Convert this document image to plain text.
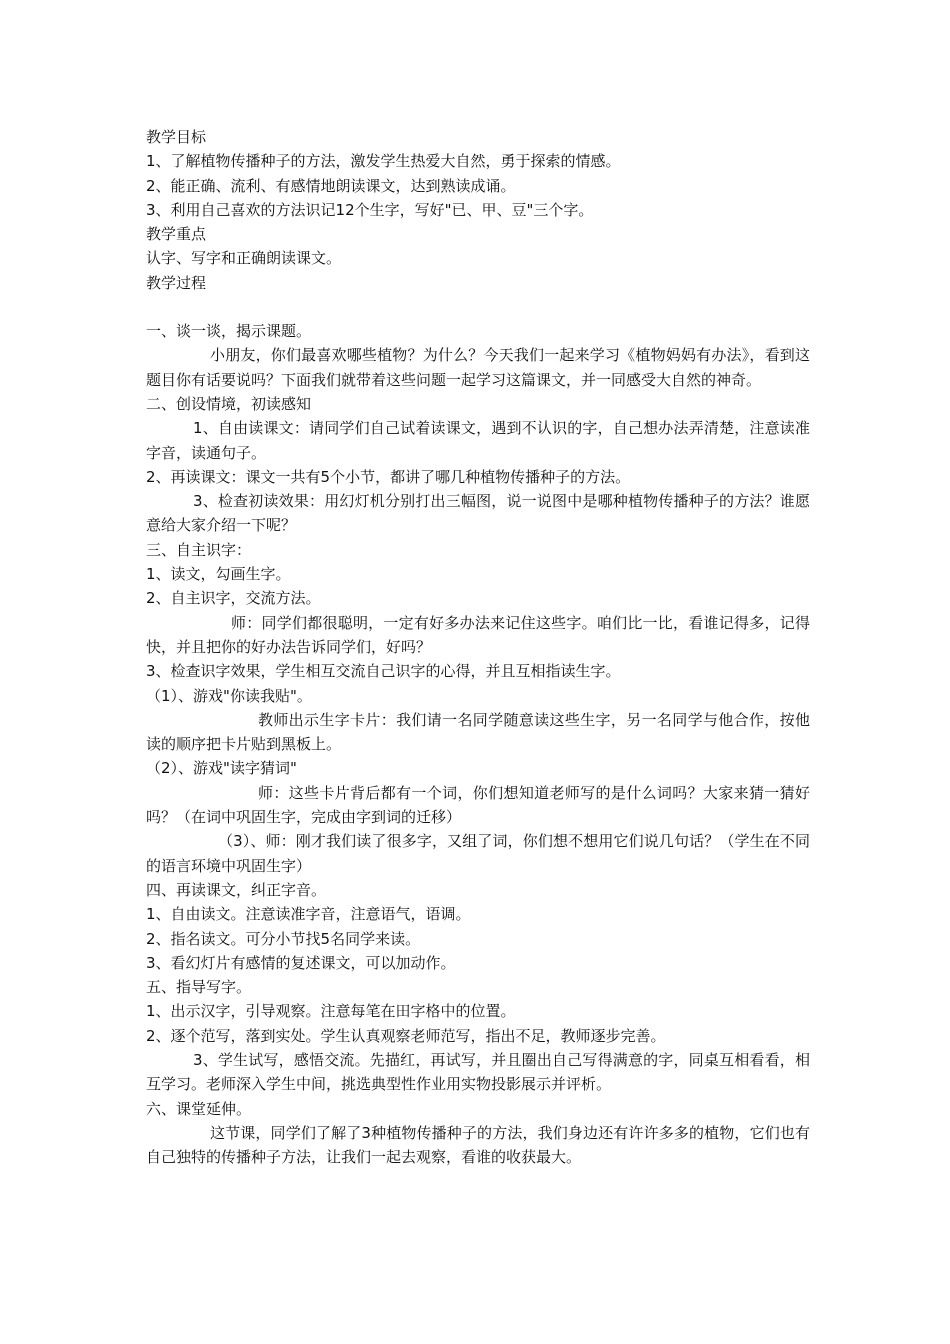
教学目标

1、了解植物传播种子的方法，激发学生热爱大自然，勇于探索的情感。

2、能正确、流利、有感情地朗读课文，达到熟读成诵。

3、利用自己喜欢的方法识记12个生字，写好"已、甲、豆"三个字。

教学重点

认字、写字和正确朗读课文。

教学过程

一、谈一谈，揭示课题。

小朋友，你们最喜欢哪些植物？为什么？今天我们一起来学习《植物妈妈有办法》，看到这题目你有话要说吗？下面我们就带着这些问题一起学习这篇课文，并一同感受大自然的神奇。

二、创设情境，初读感知

1、自由读课文：请同学们自己试着读课文，遇到不认识的字，自己想办法弄清楚，注意读准字音，读通句子。

2、再读课文：课文一共有5个小节，都讲了哪几种植物传播种子的方法。

3、检查初读效果：用幻灯机分别打出三幅图，说一说图中是哪种植物传播种子的方法？谁愿意给大家介绍一下呢？

三、自主识字：

1、读文，勾画生字。

2、自主识字，交流方法。

师：同学们都很聪明，一定有好多办法来记住这些字。咱们比一比，看谁记得多，记得快，并且把你的好办法告诉同学们，好吗？

3、检查识字效果，学生相互交流自己识字的心得，并且互相指读生字。

（1）、游戏"你读我贴"。

教师出示生字卡片：我们请一名同学随意读这些生字，另一名同学与他合作，按他读的顺序把卡片贴到黑板上。

（2）、游戏"读字猜词"

师：这些卡片背后都有一个词，你们想知道老师写的是什么词吗？大家来猜一猜好吗？（在词中巩固生字，完成由字到词的迁移）

（3）、师：刚才我们读了很多字，又组了词，你们想不想用它们说几句话？（学生在不同的语言环境中巩固生字）

四、再读课文，纠正字音。

1、自由读文。注意读准字音，注意语气，语调。

2、指名读文。可分小节找5名同学来读。

3、看幻灯片有感情的复述课文，可以加动作。

五、指导写字。

1、出示汉字，引导观察。注意每笔在田字格中的位置。

2、逐个范写，落到实处。学生认真观察老师范写，指出不足，教师逐步完善。

3、学生试写，感悟交流。先描红，再试写，并且圈出自己写得满意的字，同桌互相看看，相互学习。老师深入学生中间，挑选典型性作业用实物投影展示并评析。

六、课堂延伸。

这节课，同学们了解了3种植物传播种子的方法，我们身边还有许许多多的植物，它们也有自己独特的传播种子方法，让我们一起去观察，看谁的收获最大。
